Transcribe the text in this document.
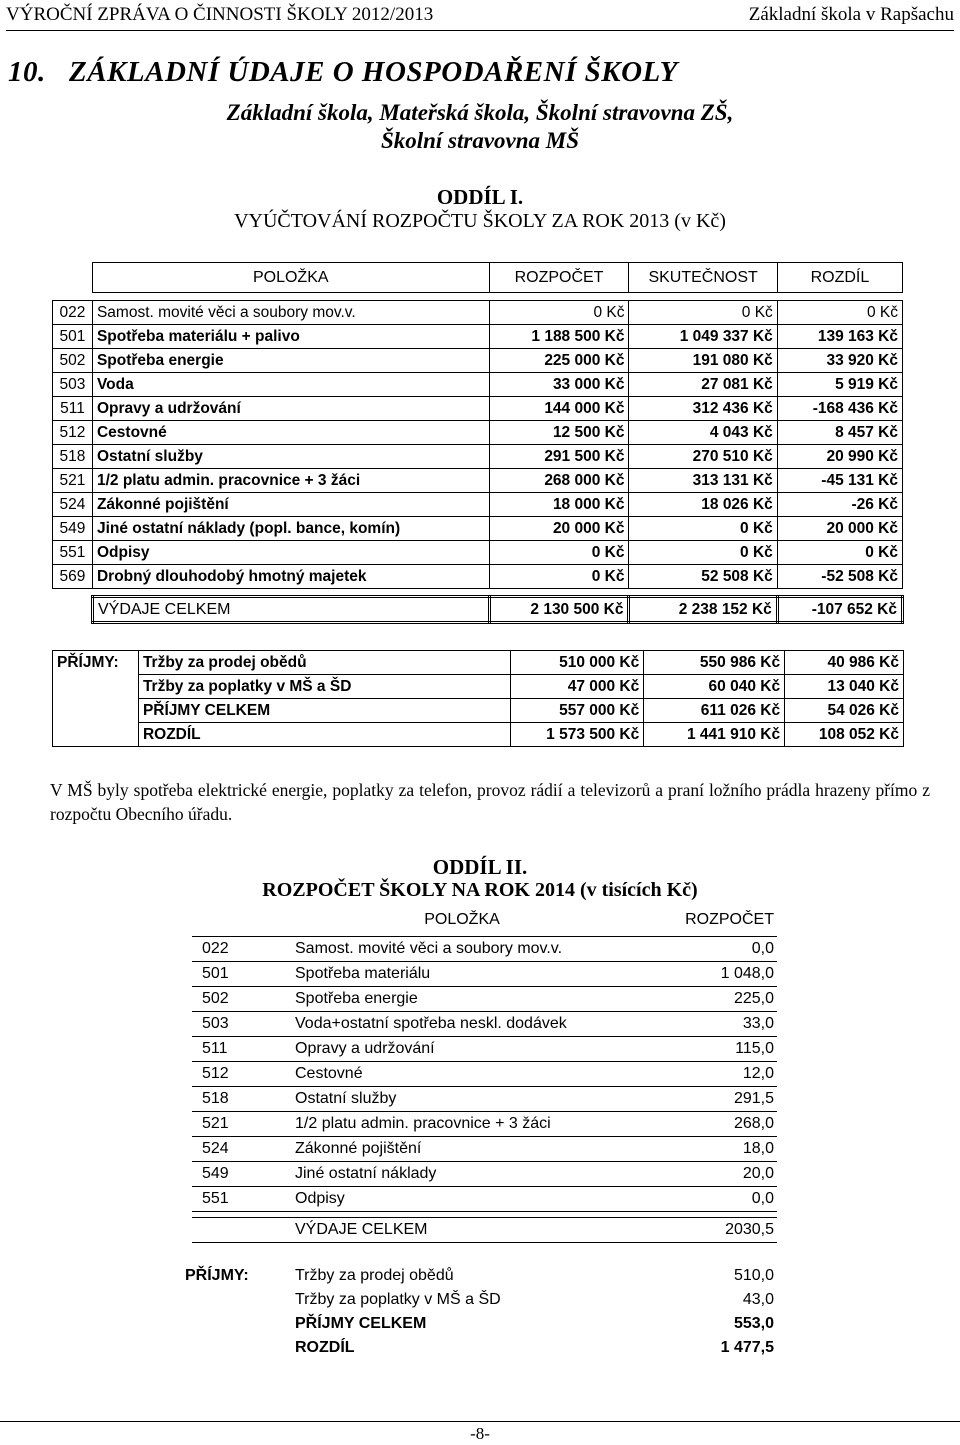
VÝROČNÍ ZPRÁVA O ČINNOSTI ŠKOLY 2012/2013	Základní škola v Rapšachu
10.   ZÁKLADNÍ ÚDAJE O HOSPODAŘENÍ ŠKOLY
Základní škola, Mateřská škola, Školní stravovna ZŠ,
Školní stravovna MŠ
ODDÍL I.
VYÚČTOVÁNÍ ROZPOČTU ŠKOLY ZA ROK 2013 (v Kč)
	POLOŽKA	ROZPOČET	SKUTEČNOST	ROZDÍL

022	Samost. movité věci a soubory mov.v.	0 Kč	0 Kč	0 Kč
501	Spotřeba materiálu + palivo	1 188 500 Kč	1 049 337 Kč	139 163 Kč
502	Spotřeba energie	225 000 Kč	191 080 Kč	33 920 Kč
503	Voda	33 000 Kč	27 081 Kč	5 919 Kč
511	Opravy a udržování	144 000 Kč	312 436 Kč	-168 436 Kč
512	Cestovné	12 500 Kč	4 043 Kč	8 457 Kč
518	Ostatní služby	291 500 Kč	270 510 Kč	20 990 Kč
521	1/2 platu admin. pracovnice + 3 žáci	268 000 Kč	313 131 Kč	-45 131 Kč
524	Zákonné pojištění	18 000 Kč	18 026 Kč	-26 Kč
549	Jiné ostatní náklady (popl. bance, komín)	20 000 Kč	0 Kč	20 000 Kč
551	Odpisy	0 Kč	0 Kč	0 Kč
569	Drobný dlouhodobý hmotný majetek	0 Kč	52 508 Kč	-52 508 Kč

	VÝDAJE CELKEM	2 130 500 Kč	2 238 152 Kč	-107 652 Kč
PŘÍJMY:	Tržby za prodej obědů	510 000 Kč	550 986 Kč	40 986 Kč
	Tržby za poplatky v MŠ a ŠD	47 000 Kč	60 040 Kč	13 040 Kč
	PŘÍJMY CELKEM	557 000 Kč	611 026 Kč	54 026 Kč
	ROZDÍL	1 573 500 Kč	1 441 910 Kč	108 052 Kč
V MŠ byly spotřeba elektrické energie, poplatky za telefon, provoz rádií a televizorů a praní ložního prádla hrazeny přímo z rozpočtu Obecního úřadu.
ODDÍL II.
ROZPOČET ŠKOLY NA ROK 2014 (v tisících Kč)
	POLOŽKA	ROZPOČET

022	Samost. movité věci a soubory mov.v.	0,0
501	Spotřeba materiálu	1 048,0
502	Spotřeba energie	225,0
503	Voda+ostatní spotřeba neskl. dodávek	33,0
511	Opravy a udržování	115,0
512	Cestovné	12,0
518	Ostatní služby	291,5
521	1/2 platu admin. pracovnice + 3 žáci	268,0
524	Zákonné pojištění	18,0
549	Jiné ostatní náklady	20,0
551	Odpisy	0,0

	VÝDAJE CELKEM	2030,5
PŘÍJMY:	Tržby za prodej obědů	510,0
	Tržby za poplatky v MŠ a ŠD	43,0
	PŘÍJMY CELKEM	553,0
	ROZDÍL	1 477,5
-8-
